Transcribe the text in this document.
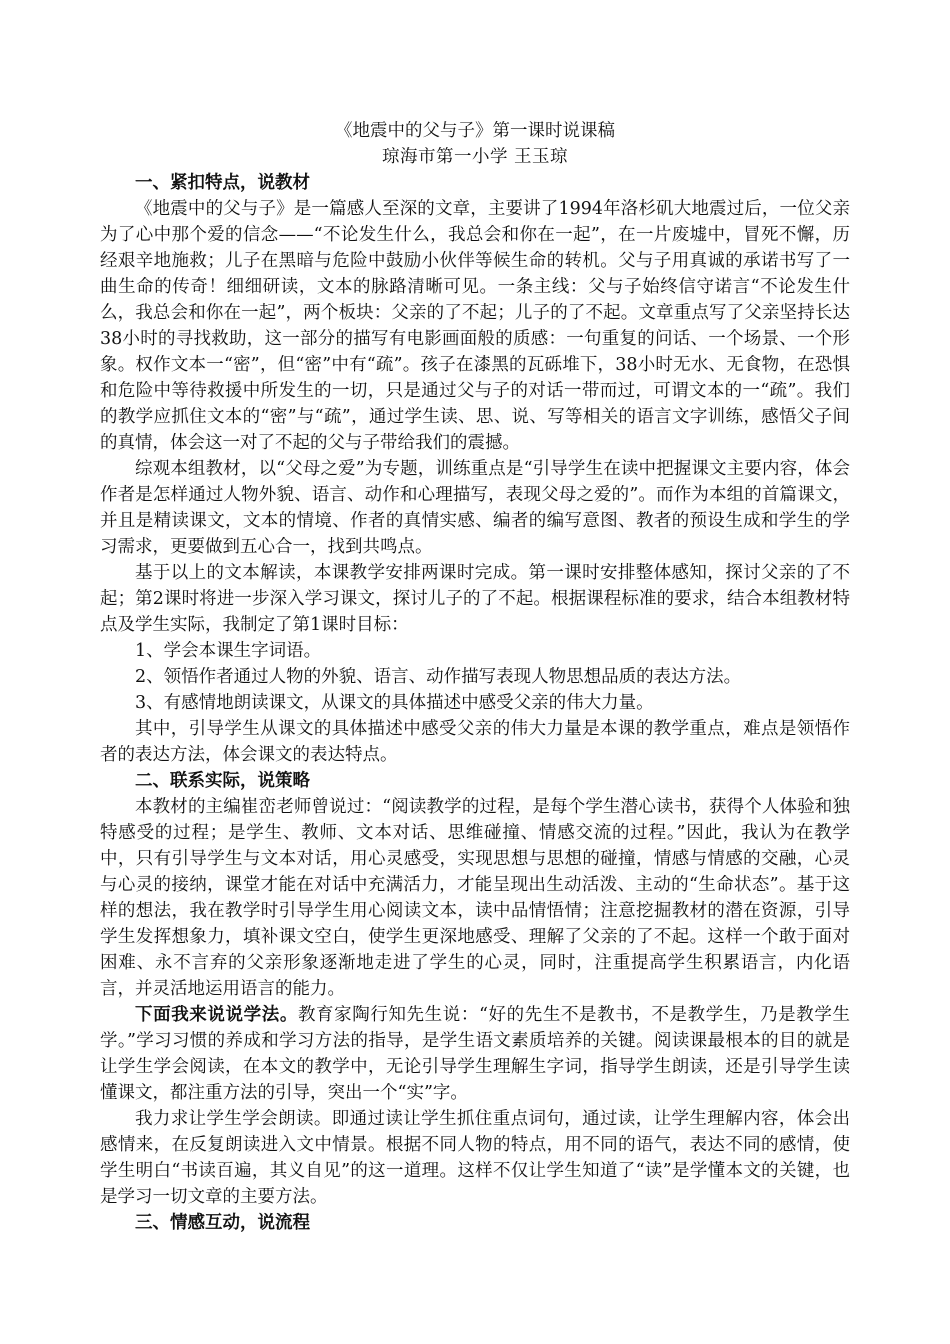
《地震中的父与子》第一课时说课稿

琼海市第一小学 王玉琼

一、紧扣特点，说教材

《地震中的父与子》是一篇感人至深的文章，主要讲了1994年洛杉矶大地震过后，一位父亲为了心中那个爱的信念——“不论发生什么，我总会和你在一起”，在一片废墟中，冒死不懈，历经艰辛地施救；儿子在黑暗与危险中鼓励小伙伴等候生命的转机。父与子用真诚的承诺书写了一曲生命的传奇！细细研读，文本的脉路清晰可见。一条主线：父与子始终信守诺言“不论发生什么，我总会和你在一起”，两个板块：父亲的了不起；儿子的了不起。文章重点写了父亲坚持长达38小时的寻找救助，这一部分的描写有电影画面般的质感：一句重复的问话、一个场景、一个形象。权作文本一“密”，但“密”中有“疏”。孩子在漆黑的瓦砾堆下，38小时无水、无食物，在恐惧和危险中等待救援中所发生的一切，只是通过父与子的对话一带而过，可谓文本的一“疏”。我们的教学应抓住文本的“密”与“疏”，通过学生读、思、说、写等相关的语言文字训练，感悟父子间的真情，体会这一对了不起的父与子带给我们的震撼。

综观本组教材，以“父母之爱”为专题，训练重点是“引导学生在读中把握课文主要内容，体会作者是怎样通过人物外貌、语言、动作和心理描写，表现父母之爱的”。而作为本组的首篇课文，并且是精读课文，文本的情境、作者的真情实感、编者的编写意图、教者的预设生成和学生的学习需求，更要做到五心合一，找到共鸣点。

基于以上的文本解读，本课教学安排两课时完成。第一课时安排整体感知，探讨父亲的了不起；第2课时将进一步深入学习课文，探讨儿子的了不起。根据课程标准的要求，结合本组教材特点及学生实际，我制定了第1课时目标：

1、学会本课生字词语。

2、领悟作者通过人物的外貌、语言、动作描写表现人物思想品质的表达方法。

3、有感情地朗读课文，从课文的具体描述中感受父亲的伟大力量。

其中，引导学生从课文的具体描述中感受父亲的伟大力量是本课的教学重点，难点是领悟作者的表达方法，体会课文的表达特点。

二、联系实际，说策略

本教材的主编崔峦老师曾说过：“阅读教学的过程，是每个学生潜心读书，获得个人体验和独特感受的过程；是学生、教师、文本对话、思维碰撞、情感交流的过程。”因此，我认为在教学中，只有引导学生与文本对话，用心灵感受，实现思想与思想的碰撞，情感与情感的交融，心灵与心灵的接纳，课堂才能在对话中充满活力，才能呈现出生动活泼、主动的“生命状态”。基于这样的想法，我在教学时引导学生用心阅读文本，读中品情悟情；注意挖掘教材的潜在资源，引导学生发挥想象力，填补课文空白，使学生更深地感受、理解了父亲的了不起。这样一个敢于面对困难、永不言弃的父亲形象逐渐地走进了学生的心灵，同时，注重提高学生积累语言，内化语言，并灵活地运用语言的能力。

下面我来说说学法。教育家陶行知先生说：“好的先生不是教书，不是教学生，乃是教学生学。”学习习惯的养成和学习方法的指导，是学生语文素质培养的关键。阅读课最根本的目的就是让学生学会阅读，在本文的教学中，无论引导学生理解生字词，指导学生朗读，还是引导学生读懂课文，都注重方法的引导，突出一个“实”字。

我力求让学生学会朗读。即通过读让学生抓住重点词句，通过读，让学生理解内容，体会出感情来，在反复朗读进入文中情景。根据不同人物的特点，用不同的语气，表达不同的感情，使学生明白“书读百遍，其义自见”的这一道理。这样不仅让学生知道了“读”是学懂本文的关键，也是学习一切文章的主要方法。

三、情感互动，说流程
